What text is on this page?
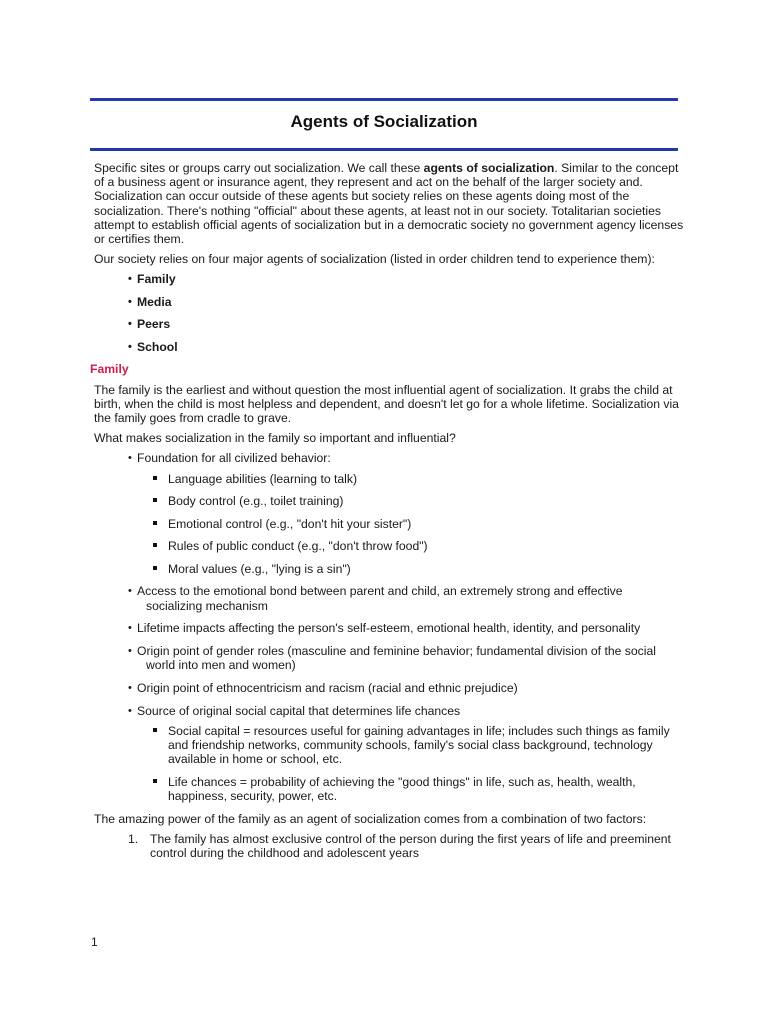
Agents of Socialization

Specific sites or groups carry out socialization. We call these agents of socialization. Similar to the concept of a business agent or insurance agent, they represent and act on the behalf of the larger society and. Socialization can occur outside of these agents but society relies on these agents doing most of the socialization. There's nothing "official" about these agents, at least not in our society. Totalitarian societies attempt to establish official agents of socialization but in a democratic society no government agency licenses or certifies them.

Our society relies on four major agents of socialization (listed in order children tend to experience them):

• Family
• Media
• Peers
• School
Family

The family is the earliest and without question the most influential agent of socialization. It grabs the child at birth, when the child is most helpless and dependent, and doesn't let go for a whole lifetime. Socialization via the family goes from cradle to grave.

What makes socialization in the family so important and influential?

• Foundation for all civilized behavior:
Language abilities (learning to talk)
Body control (e.g., toilet training)
Emotional control (e.g., "don't hit your sister")
Rules of public conduct (e.g., "don't throw food")
Moral values (e.g., "lying is a sin")
• Access to the emotional bond between parent and child, an extremely strong and effective
socializing mechanism
• Lifetime impacts affecting the person's self-esteem, emotional health, identity, and personality
• Origin point of gender roles (masculine and feminine behavior; fundamental division of the social
world into men and women)
• Origin point of ethnocentricism and racism (racial and ethnic prejudice)
• Source of original social capital that determines life chances
Social capital = resources useful for gaining advantages in life; includes such things as family and friendship networks, community schools, family's social class background, technology available in home or school, etc.
Life chances = probability of achieving the "good things" in life, such as, health, wealth, happiness, security, power, etc.

The amazing power of the family as an agent of socialization comes from a combination of two factors:

1. The family has almost exclusive control of the person during the first years of life and preeminent control during the childhood and adolescent years
1
